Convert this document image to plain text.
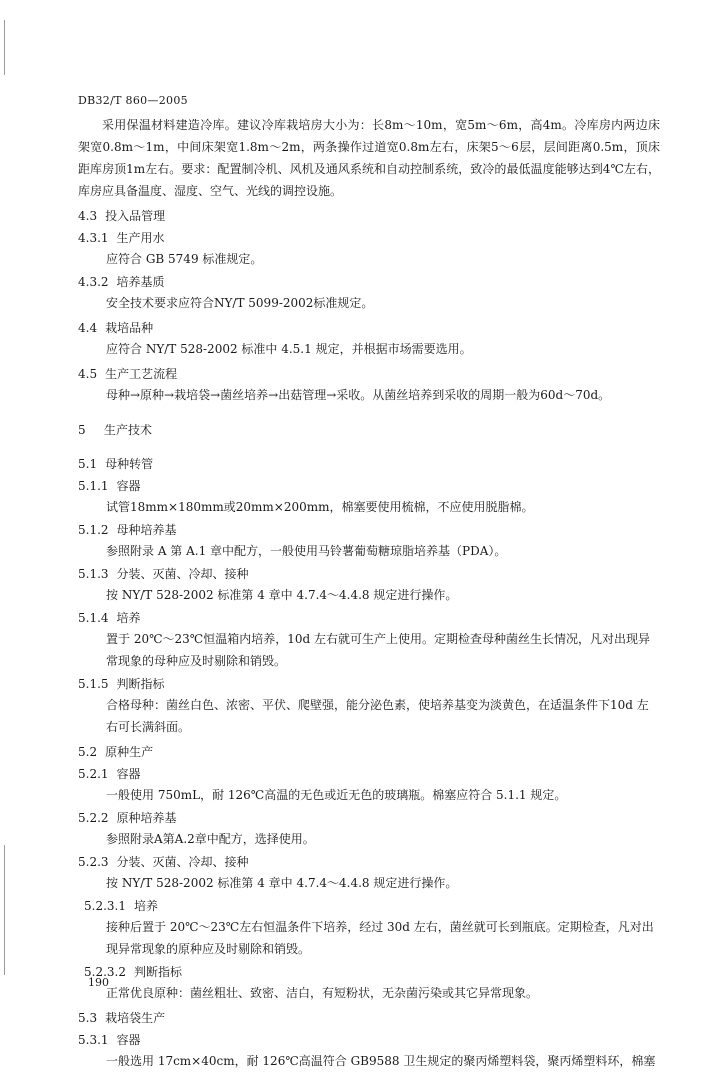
DB32/T 860—2005

采用保温材料建造冷库。建议冷库栽培房大小为：长8m～10m，宽5m～6m，高4m。冷库房内两边床架宽0.8m～1m，中间床架宽1.8m～2m，两条操作过道宽0.8m左右，床架5～6层，层间距离0.5m，顶床距库房顶1m左右。要求：配置制冷机、风机及通风系统和自动控制系统，致冷的最低温度能够达到4℃左右，库房应具备温度、湿度、空气、光线的调控设施。

4.3 投入品管理
4.3.1 生产用水

应符合 GB 5749 标准规定。

4.3.2 培养基质

安全技术要求应符合NY/T 5099-2002标准规定。

4.4 栽培品种

应符合 NY/T 528-2002 标准中 4.5.1 规定，并根据市场需要选用。

4.5 生产工艺流程

母种→原种→栽培袋→菌丝培养→出菇管理→采收。从菌丝培养到采收的周期一般为60d～70d。

5 生产技术
5.1 母种转管
5.1.1 容器

试管18mm×180mm或20mm×200mm，棉塞要使用梳棉，不应使用脱脂棉。

5.1.2 母种培养基

参照附录 A 第 A.1 章中配方，一般使用马铃薯葡萄糖琼脂培养基（PDA）。

5.1.3 分装、灭菌、冷却、接种

按 NY/T 528-2002 标准第 4 章中 4.7.4～4.4.8 规定进行操作。

5.1.4 培养

置于 20℃～23℃恒温箱内培养，10d 左右就可生产上使用。定期检查母种菌丝生长情况，凡对出现异常现象的母种应及时剔除和销毁。

5.1.5 判断指标

合格母种：菌丝白色、浓密、平伏、爬壁强，能分泌色素，使培养基变为淡黄色，在适温条件下10d 左右可长满斜面。

5.2 原种生产
5.2.1 容器

一般使用 750mL，耐 126℃高温的无色或近无色的玻璃瓶。棉塞应符合 5.1.1 规定。

5.2.2 原种培养基

参照附录A第A.2章中配方，选择使用。

5.2.3 分装、灭菌、冷却、接种

按 NY/T 528-2002 标准第 4 章中 4.7.4～4.4.8 规定进行操作。

5.2.3.1 培养

接种后置于 20℃～23℃左右恒温条件下培养，经过 30d 左右，菌丝就可长到瓶底。定期检查，凡对出现异常现象的原种应及时剔除和销毁。

5.2.3.2 判断指标

正常优良原种：菌丝粗壮、致密、洁白，有短粉状，无杂菌污染或其它异常现象。

5.3 栽培袋生产
5.3.1 容器

一般选用 17cm×40cm，耐 126℃高温符合 GB9588 卫生规定的聚丙烯塑料袋，聚丙烯塑料环，棉塞

190
